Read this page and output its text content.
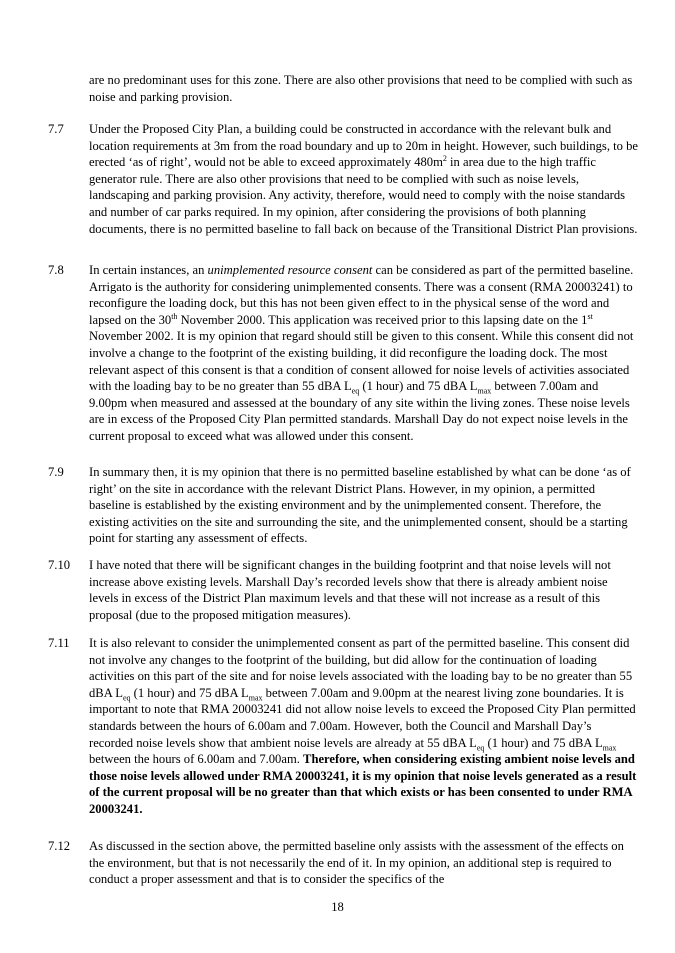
are no predominant uses for this zone. There are also other provisions that need to be complied with such as noise and parking provision.
7.7	Under the Proposed City Plan, a building could be constructed in accordance with the relevant bulk and location requirements at 3m from the road boundary and up to 20m in height. However, such buildings, to be erected ‘as of right’, would not be able to exceed approximately $480m^2$ in area due to the high traffic generator rule. There are also other provisions that need to be complied with such as noise levels, landscaping and parking provision. Any activity, therefore, would need to comply with the noise standards and number of car parks required. In my opinion, after considering the provisions of both planning documents, there is no permitted baseline to fall back on because of the Transitional District Plan provisions.
7.8	In certain instances, an unimplemented resource consent can be considered as part of the permitted baseline. Arrigato is the authority for considering unimplemented consents. There was a consent (RMA 20003241) to reconfigure the loading dock, but this has not been given effect to in the physical sense of the word and lapsed on the 30th November 2000. This application was received prior to this lapsing date on the 1st November 2002. It is my opinion that regard should still be given to this consent. While this consent did not involve a change to the footprint of the existing building, it did reconfigure the loading dock. The most relevant aspect of this consent is that a condition of consent allowed for noise levels of activities associated with the loading bay to be no greater than 55 dBA $L_{eq}$ (1 hour) and 75 dBA $L_{max}$ between 7.00am and 9.00pm when measured and assessed at the boundary of any site within the living zones. These noise levels are in excess of the Proposed City Plan permitted standards. Marshall Day do not expect noise levels in the current proposal to exceed what was allowed under this consent.
7.9	In summary then, it is my opinion that there is no permitted baseline established by what can be done ‘as of right’ on the site in accordance with the relevant District Plans. However, in my opinion, a permitted baseline is established by the existing environment and by the unimplemented consent. Therefore, the existing activities on the site and surrounding the site, and the unimplemented consent, should be a starting point for starting any assessment of effects.
7.10	I have noted that there will be significant changes in the building footprint and that noise levels will not increase above existing levels. Marshall Day’s recorded levels show that there is already ambient noise levels in excess of the District Plan maximum levels and that these will not increase as a result of this proposal (due to the proposed mitigation measures).
7.11	It is also relevant to consider the unimplemented consent as part of the permitted baseline. This consent did not involve any changes to the footprint of the building, but did allow for the continuation of loading activities on this part of the site and for noise levels associated with the loading bay to be no greater than 55 dBA $L_{eq}$ (1 hour) and 75 dBA $L_{max}$ between 7.00am and 9.00pm at the nearest living zone boundaries. It is important to note that RMA 20003241 did not allow noise levels to exceed the Proposed City Plan permitted standards between the hours of 6.00am and 7.00am. However, both the Council and Marshall Day’s recorded noise levels show that ambient noise levels are already at 55 dBA $L_{eq}$ (1 hour) and 75 dBA $L_{max}$ between the hours of 6.00am and 7.00am. Therefore, when considering existing ambient noise levels and those noise levels allowed under RMA 20003241, it is my opinion that noise levels generated as a result of the current proposal will be no greater than that which exists or has been consented to under RMA 20003241.
7.12	As discussed in the section above, the permitted baseline only assists with the assessment of the effects on the environment, but that is not necessarily the end of it. In my opinion, an additional step is required to conduct a proper assessment and that is to consider the specifics of the
18
